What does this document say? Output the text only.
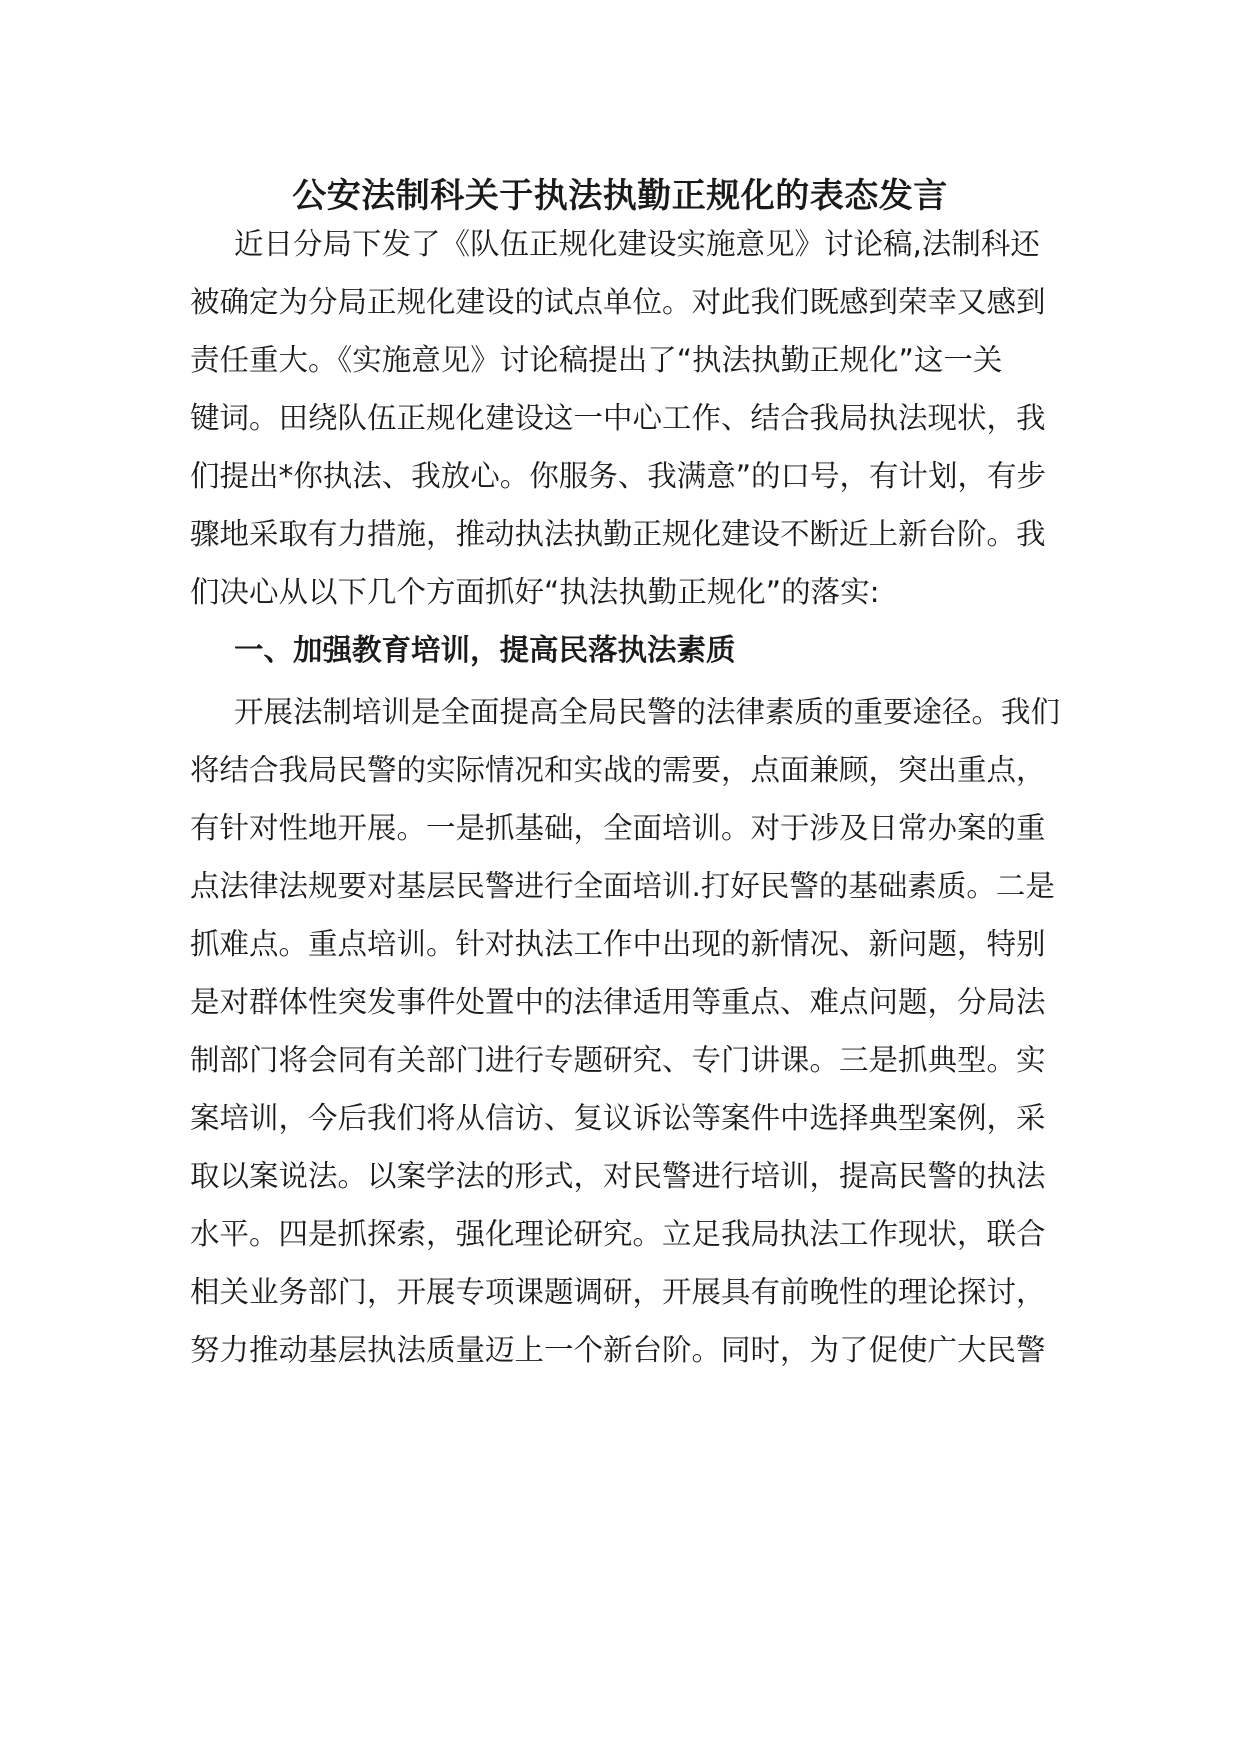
公安法制科关于执法执勤正规化的表态发言
近日分局下发了《队伍正规化建设实施意见》讨论稿,法制科还
被确定为分局正规化建设的试点单位。对此我们既感到荣幸又感到
责任重大。《实施意见》讨论稿提出了“执法执勤正规化”这一关
键词。田绕队伍正规化建设这一中心工作、结合我局执法现状，我
们提出*你执法、我放心。你服务、我满意”的口号，有计划，有步
骤地采取有力措施，推动执法执勤正规化建设不断近上新台阶。我
们决心从以下几个方面抓好“执法执勤正规化”的落实:
一、加强教育培训，提高民落执法素质
开展法制培训是全面提高全局民警的法律素质的重要途径。我们
将结合我局民警的实际情况和实战的需要，点面兼顾，突出重点，
有针对性地开展。一是抓基础，全面培训。对于涉及日常办案的重
点法律法规要对基层民警进行全面培训.打好民警的基础素质。二是
抓难点。重点培训。针对执法工作中出现的新情况、新问题，特别
是对群体性突发事件处置中的法律适用等重点、难点问题，分局法
制部门将会同有关部门进行专题研究、专门讲课。三是抓典型。实
案培训，今后我们将从信访、复议诉讼等案件中选择典型案例，采
取以案说法。以案学法的形式，对民警进行培训，提高民警的执法
水平。四是抓探索，强化理论研究。立足我局执法工作现状，联合
相关业务部门，开展专项课题调研，开展具有前晚性的理论探讨，
努力推动基层执法质量迈上一个新台阶。同时，为了促使广大民警
